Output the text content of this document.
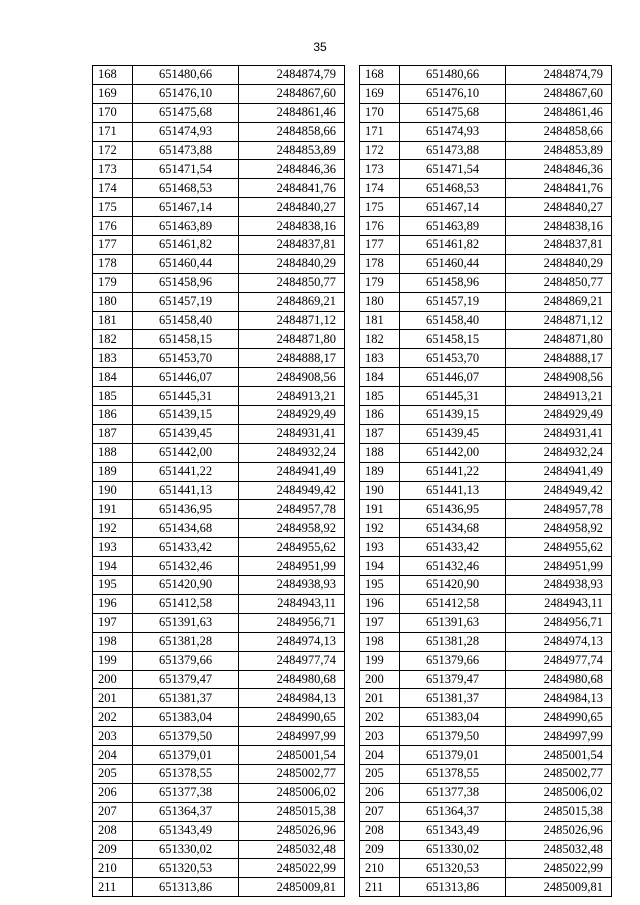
35
168	651480,66	2484874,79
169	651476,10	2484867,60
170	651475,68	2484861,46
171	651474,93	2484858,66
172	651473,88	2484853,89
173	651471,54	2484846,36
174	651468,53	2484841,76
175	651467,14	2484840,27
176	651463,89	2484838,16
177	651461,82	2484837,81
178	651460,44	2484840,29
179	651458,96	2484850,77
180	651457,19	2484869,21
181	651458,40	2484871,12
182	651458,15	2484871,80
183	651453,70	2484888,17
184	651446,07	2484908,56
185	651445,31	2484913,21
186	651439,15	2484929,49
187	651439,45	2484931,41
188	651442,00	2484932,24
189	651441,22	2484941,49
190	651441,13	2484949,42
191	651436,95	2484957,78
192	651434,68	2484958,92
193	651433,42	2484955,62
194	651432,46	2484951,99
195	651420,90	2484938,93
196	651412,58	2484943,11
197	651391,63	2484956,71
198	651381,28	2484974,13
199	651379,66	2484977,74
200	651379,47	2484980,68
201	651381,37	2484984,13
202	651383,04	2484990,65
203	651379,50	2484997,99
204	651379,01	2485001,54
205	651378,55	2485002,77
206	651377,38	2485006,02
207	651364,37	2485015,38
208	651343,49	2485026,96
209	651330,02	2485032,48
210	651320,53	2485022,99
211	651313,86	2485009,81
168	651480,66	2484874,79
169	651476,10	2484867,60
170	651475,68	2484861,46
171	651474,93	2484858,66
172	651473,88	2484853,89
173	651471,54	2484846,36
174	651468,53	2484841,76
175	651467,14	2484840,27
176	651463,89	2484838,16
177	651461,82	2484837,81
178	651460,44	2484840,29
179	651458,96	2484850,77
180	651457,19	2484869,21
181	651458,40	2484871,12
182	651458,15	2484871,80
183	651453,70	2484888,17
184	651446,07	2484908,56
185	651445,31	2484913,21
186	651439,15	2484929,49
187	651439,45	2484931,41
188	651442,00	2484932,24
189	651441,22	2484941,49
190	651441,13	2484949,42
191	651436,95	2484957,78
192	651434,68	2484958,92
193	651433,42	2484955,62
194	651432,46	2484951,99
195	651420,90	2484938,93
196	651412,58	2484943,11
197	651391,63	2484956,71
198	651381,28	2484974,13
199	651379,66	2484977,74
200	651379,47	2484980,68
201	651381,37	2484984,13
202	651383,04	2484990,65
203	651379,50	2484997,99
204	651379,01	2485001,54
205	651378,55	2485002,77
206	651377,38	2485006,02
207	651364,37	2485015,38
208	651343,49	2485026,96
209	651330,02	2485032,48
210	651320,53	2485022,99
211	651313,86	2485009,81
